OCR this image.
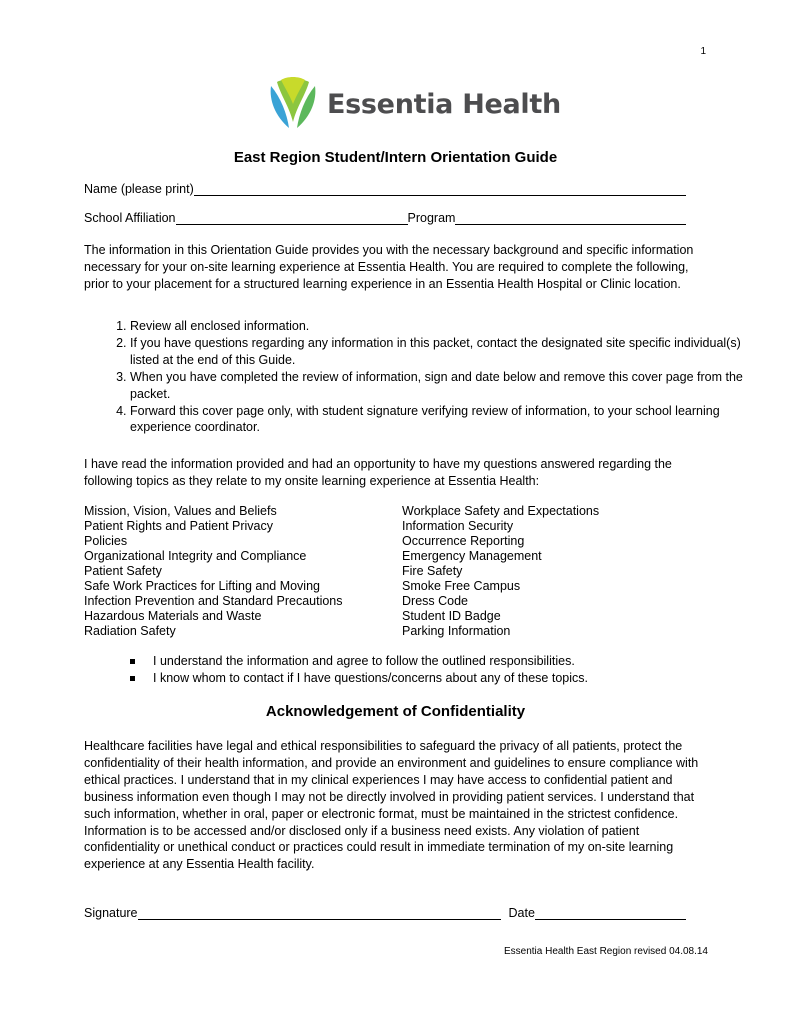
1
Essentia Health
East Region Student/Intern Orientation Guide
Name (please print)
School Affiliation	Program

The information in this Orientation Guide provides you with the necessary background and specific information necessary for your on-site learning experience at Essentia Health. You are required to complete the following, prior to your placement for a structured learning experience in an Essentia Health Hospital or Clinic location.

1. Review all enclosed information.
2. If you have questions regarding any information in this packet, contact the designated site specific individual(s) listed at the end of this Guide.
3. When you have completed the review of information, sign and date below and remove this cover page from the packet.
4. Forward this cover page only, with student signature verifying review of information, to your school learning experience coordinator.

I have read the information provided and had an opportunity to have my questions answered regarding the following topics as they relate to my onsite learning experience at Essentia Health:

Mission, Vision, Values and Beliefs
Patient Rights and Patient Privacy
Policies
Organizational Integrity and Compliance
Patient Safety
Safe Work Practices for Lifting and Moving
Infection Prevention and Standard Precautions
Hazardous Materials and Waste
Radiation Safety
Workplace Safety and Expectations
Information Security
Occurrence Reporting
Emergency Management
Fire Safety
Smoke Free Campus
Dress Code
Student ID Badge
Parking Information
I understand the information and agree to follow the outlined responsibilities.
I know whom to contact if I have questions/concerns about any of these topics.
Acknowledgement of Confidentiality

Healthcare facilities have legal and ethical responsibilities to safeguard the privacy of all patients, protect the confidentiality of their health information, and provide an environment and guidelines to ensure compliance with ethical practices. I understand that in my clinical experiences I may have access to confidential patient and business information even though I may not be directly involved in providing patient services. I understand that such information, whether in oral, paper or electronic format, must be maintained in the strictest confidence. Information is to be accessed and/or disclosed only if a business need exists. Any violation of patient confidentiality or unethical conduct or practices could result in immediate termination of my on-site learning experience at any Essentia Health facility.

Signature	Date
Essentia Health East Region revised 04.08.14
